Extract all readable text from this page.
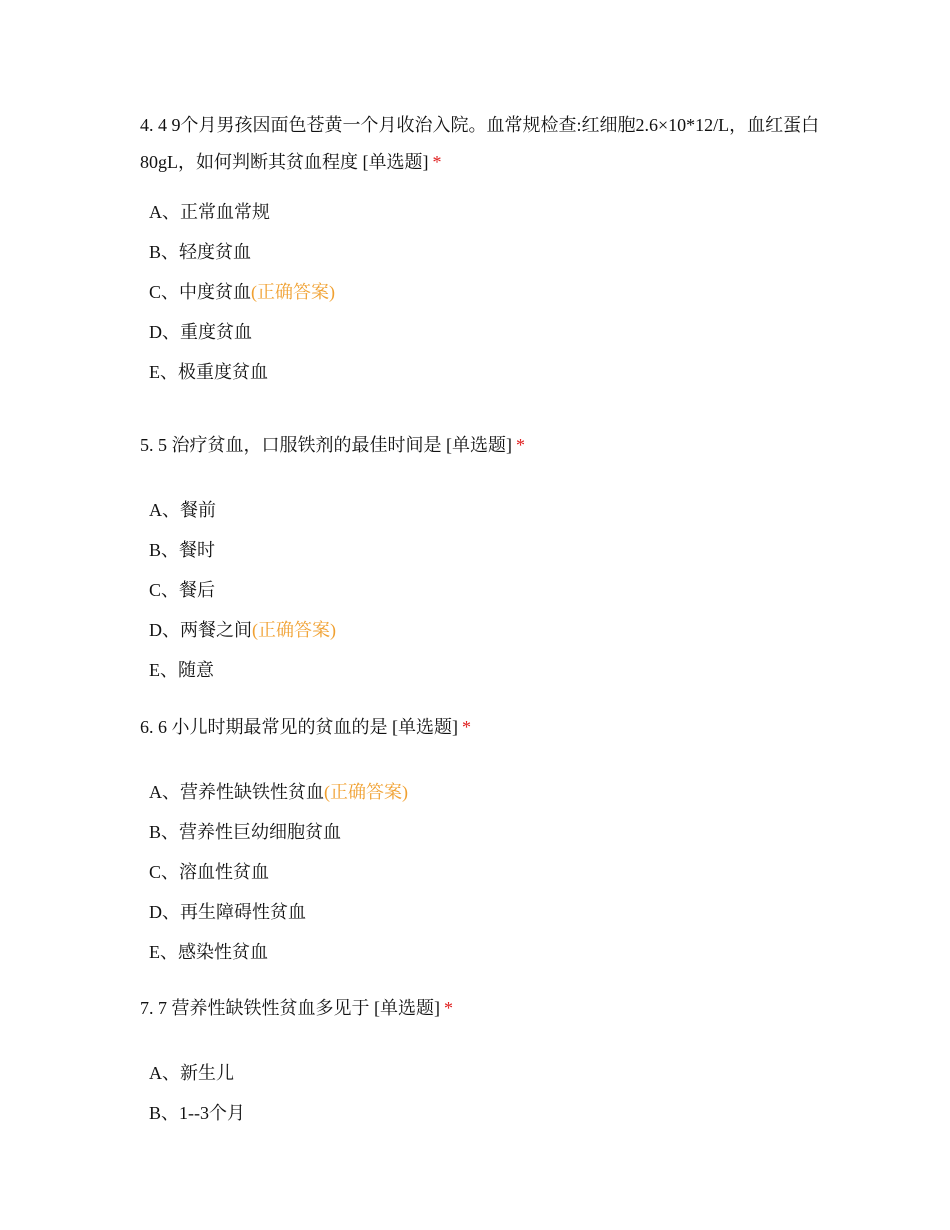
4. 4 9个月男孩因面色苍黄一个月收治入院。血常规检查:红细胞2.6×10*12/L，血红蛋白80gL，如何判断其贫血程度 [单选题] *

A、正常血常规
B、轻度贫血
C、中度贫血(正确答案)
D、重度贫血
E、极重度贫血

5. 5 治疗贫血，口服铁剂的最佳时间是 [单选题] *

A、餐前
B、餐时
C、餐后
D、两餐之间(正确答案)
E、随意

6. 6 小儿时期最常见的贫血的是 [单选题] *

A、营养性缺铁性贫血(正确答案)
B、营养性巨幼细胞贫血
C、溶血性贫血
D、再生障碍性贫血
E、感染性贫血

7. 7 营养性缺铁性贫血多见于 [单选题] *

A、新生儿
B、1--3个月
